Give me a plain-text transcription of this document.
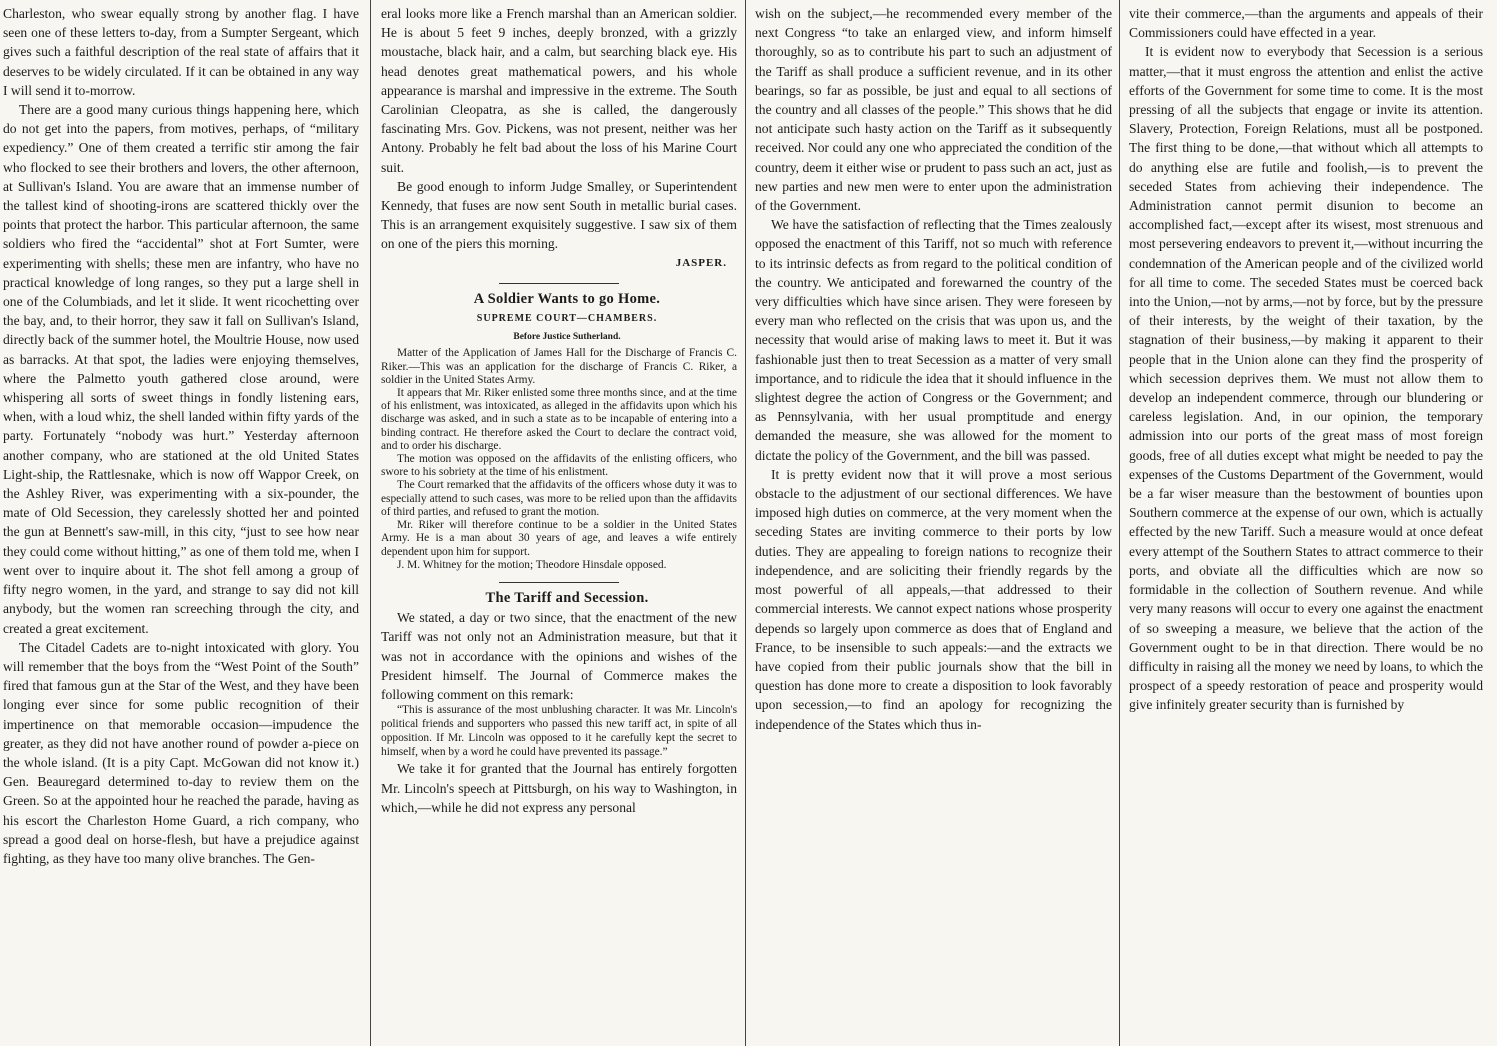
Charleston, who swear equally strong by another flag. I have seen one of these letters to-day, from a Sumpter Sergeant, which gives such a faithful description of the real state of affairs that it deserves to be widely circulated. If it can be obtained in any way I will send it to-morrow.

There are a good many curious things happening here, which do not get into the papers, from motives, perhaps, of “military expediency.” One of them created a terrific stir among the fair who flocked to see their brothers and lovers, the other afternoon, at Sullivan's Island. You are aware that an immense number of the tallest kind of shooting-irons are scattered thickly over the points that protect the harbor. This particular afternoon, the same soldiers who fired the “accidental” shot at Fort Sumter, were experimenting with shells; these men are infantry, who have no practical knowledge of long ranges, so they put a large shell in one of the Columbiads, and let it slide. It went ricochetting over the bay, and, to their horror, they saw it fall on Sullivan's Island, directly back of the summer hotel, the Moultrie House, now used as barracks. At that spot, the ladies were enjoying themselves, where the Palmetto youth gathered close around, were whispering all sorts of sweet things in fondly listening ears, when, with a loud whiz, the shell landed within fifty yards of the party. Fortunately “nobody was hurt.” Yesterday afternoon another company, who are stationed at the old United States Light-ship, the Rattlesnake, which is now off Wappor Creek, on the Ashley River, was experimenting with a six-pounder, the mate of Old Secession, they carelessly shotted her and pointed the gun at Bennett's saw-mill, in this city, “just to see how near they could come without hitting,” as one of them told me, when I went over to inquire about it. The shot fell among a group of fifty negro women, in the yard, and strange to say did not kill anybody, but the women ran screeching through the city, and created a great excitement.

The Citadel Cadets are to-night intoxicated with glory. You will remember that the boys from the “West Point of the South” fired that famous gun at the Star of the West, and they have been longing ever since for some public recognition of their impertinence on that memorable occasion—impudence the greater, as they did not have another round of powder a-piece on the whole island. (It is a pity Capt. McGowan did not know it.) Gen. Beauregard determined to-day to review them on the Green. So at the appointed hour he reached the parade, having as his escort the Charleston Home Guard, a rich company, who spread a good deal on horse-flesh, but have a prejudice against fighting, as they have too many olive branches. The Gen-

eral looks more like a French marshal than an American soldier. He is about 5 feet 9 inches, deeply bronzed, with a grizzly moustache, black hair, and a calm, but searching black eye. His head denotes great mathematical powers, and his whole appearance is marshal and impressive in the extreme. The South Carolinian Cleopatra, as she is called, the dangerously fascinating Mrs. Gov. Pickens, was not present, neither was her Antony. Probably he felt bad about the loss of his Marine Court suit.

Be good enough to inform Judge Smalley, or Superintendent Kennedy, that fuses are now sent South in metallic burial cases. This is an arrangement exquisitely suggestive. I saw six of them on one of the piers this morning.

JASPER.

A Soldier Wants to go Home.

SUPREME COURT—CHAMBERS.

Before Justice Sutherland.

Matter of the Application of James Hall for the Discharge of Francis C. Riker.—This was an application for the discharge of Francis C. Riker, a soldier in the United States Army.

It appears that Mr. Riker enlisted some three months since, and at the time of his enlistment, was intoxicated, as alleged in the affidavits upon which his discharge was asked, and in such a state as to be incapable of entering into a binding contract. He therefore asked the Court to declare the contract void, and to order his discharge.

The motion was opposed on the affidavits of the enlisting officers, who swore to his sobriety at the time of his enlistment.

The Court remarked that the affidavits of the officers whose duty it was to especially attend to such cases, was more to be relied upon than the affidavits of third parties, and refused to grant the motion.

Mr. Riker will therefore continue to be a soldier in the United States Army. He is a man about 30 years of age, and leaves a wife entirely dependent upon him for support.

J. M. Whitney for the motion; Theodore Hinsdale opposed.

The Tariff and Secession.

We stated, a day or two since, that the enactment of the new Tariff was not only not an Administration measure, but that it was not in accordance with the opinions and wishes of the President himself. The Journal of Commerce makes the following comment on this remark:

“This is assurance of the most unblushing character. It was Mr. Lincoln's political friends and supporters who passed this new tariff act, in spite of all opposition. If Mr. Lincoln was opposed to it he carefully kept the secret to himself, when by a word he could have prevented its passage.”

We take it for granted that the Journal has entirely forgotten Mr. Lincoln's speech at Pittsburgh, on his way to Washington, in which,—while he did not express any personal

wish on the subject,—he recommended every member of the next Congress “to take an enlarged view, and inform himself thoroughly, so as to contribute his part to such an adjustment of the Tariff as shall produce a sufficient revenue, and in its other bearings, so far as possible, be just and equal to all sections of the country and all classes of the people.” This shows that he did not anticipate such hasty action on the Tariff as it subsequently received. Nor could any one who appreciated the condition of the country, deem it either wise or prudent to pass such an act, just as new parties and new men were to enter upon the administration of the Government.

We have the satisfaction of reflecting that the Times zealously opposed the enactment of this Tariff, not so much with reference to its intrinsic defects as from regard to the political condition of the country. We anticipated and forewarned the country of the very difficulties which have since arisen. They were foreseen by every man who reflected on the crisis that was upon us, and the necessity that would arise of making laws to meet it. But it was fashionable just then to treat Secession as a matter of very small importance, and to ridicule the idea that it should influence in the slightest degree the action of Congress or the Government; and as Pennsylvania, with her usual promptitude and energy demanded the measure, she was allowed for the moment to dictate the policy of the Government, and the bill was passed.

It is pretty evident now that it will prove a most serious obstacle to the adjustment of our sectional differences. We have imposed high duties on commerce, at the very moment when the seceding States are inviting commerce to their ports by low duties. They are appealing to foreign nations to recognize their independence, and are soliciting their friendly regards by the most powerful of all appeals,—that addressed to their commercial interests. We cannot expect nations whose prosperity depends so largely upon commerce as does that of England and France, to be insensible to such appeals:—and the extracts we have copied from their public journals show that the bill in question has done more to create a disposition to look favorably upon secession,—to find an apology for recognizing the independence of the States which thus in-

vite their commerce,—than the arguments and appeals of their Commissioners could have effected in a year.

It is evident now to everybody that Secession is a serious matter,—that it must engross the attention and enlist the active efforts of the Government for some time to come. It is the most pressing of all the subjects that engage or invite its attention. Slavery, Protection, Foreign Relations, must all be postponed. The first thing to be done,—that without which all attempts to do anything else are futile and foolish,—is to prevent the seceded States from achieving their independence. The Administration cannot permit disunion to become an accomplished fact,—except after its wisest, most strenuous and most persevering endeavors to prevent it,—without incurring the condemnation of the American people and of the civilized world for all time to come. The seceded States must be coerced back into the Union,—not by arms,—not by force, but by the pressure of their interests, by the weight of their taxation, by the stagnation of their business,—by making it apparent to their people that in the Union alone can they find the prosperity of which secession deprives them. We must not allow them to develop an independent commerce, through our blundering or careless legislation. And, in our opinion, the temporary admission into our ports of the great mass of most foreign goods, free of all duties except what might be needed to pay the expenses of the Customs Department of the Government, would be a far wiser measure than the bestowment of bounties upon Southern commerce at the expense of our own, which is actually effected by the new Tariff. Such a measure would at once defeat every attempt of the Southern States to attract commerce to their ports, and obviate all the difficulties which are now so formidable in the collection of Southern revenue. And while very many reasons will occur to every one against the enactment of so sweeping a measure, we believe that the action of the Government ought to be in that direction. There would be no difficulty in raising all the money we need by loans, to which the prospect of a speedy restoration of peace and prosperity would give infinitely greater security than is furnished by
